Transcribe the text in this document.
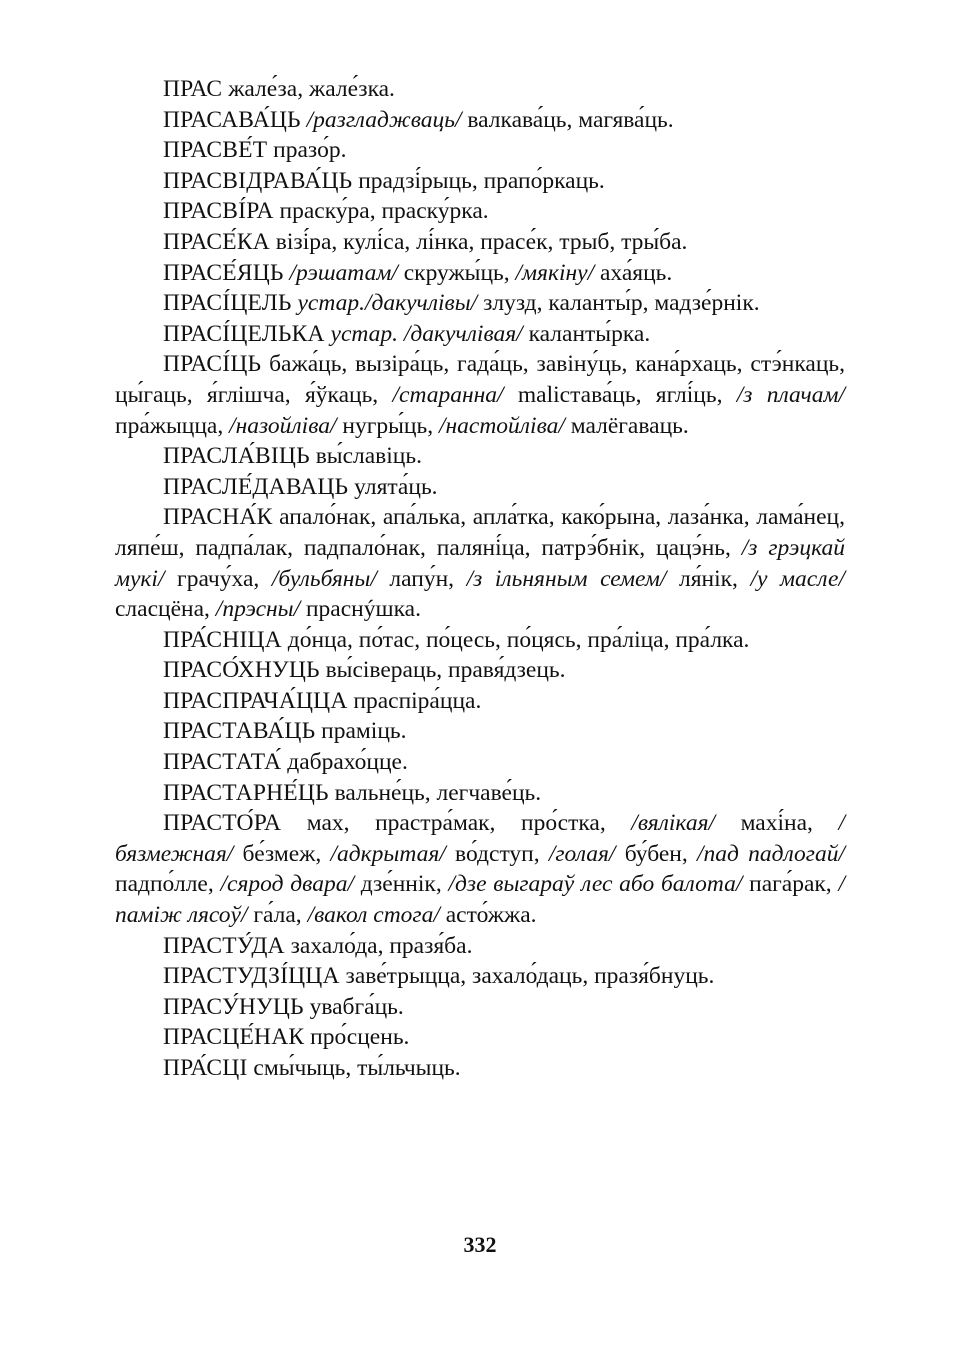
ПРАС жале́за, жале́зка.

ПРАСАВА́ЦЬ /разгладжваць/ валкава́ць, магява́ць.

ПРАСВЕ́Т празо́р.

ПРАСВІДРАВА́ЦЬ прадзі́рыць, прапо́ркаць.

ПРАСВІ́РА праску́ра, праску́рка.

ПРАСЕ́КА візі́ра, кулі́са, лі́нка, прасе́к, трыб, тры́ба.

ПРАСЕ́ЯЦЬ /рэшатам/ скружы́ць, /мякіну/ аха́яць.

ПРАСІ́ЦЕЛЬ устар./дакучлівы/ злузд, каланты́р, мадзе́рнік.

ПРАСІ́ЦЕЛЬКА устар. /дакучлівая/ каланты́рка.

ПРАСІ́ЦЬ бажа́ць, вызіра́ць, гада́ць, завіну́ць, кана́рхаць, стэ́нкаць, цы́гаць, я́глішча, я́ўкаць, /старанна/ malістава́ць, яглі́ць, /з плачам/ пра́жыцца, /назойліва/ нугры́ць, /настойліва/ малёгаваць.

ПРАСЛА́ВІЦЬ вы́славіць.

ПРАСЛЕ́ДАВАЦЬ улята́ць.

ПРАСНА́К апало́нак, апа́лька, апла́тка, како́рына, лаза́нка, лама́нец, ляпе́ш, падпа́лак, падпало́нак, паляні́ца, патрэ́бнік, цацэ́нь, /з грэцкай мукі/ грачу́ха, /бульбяны/ лапу́н, /з ільняным семем/ ля́нік, /у масле/ сласцёна, /прэсны/ праснýшка.

ПРА́СНІЦА до́нца, по́тас, по́цесь, по́цясь, пра́ліца, пра́лка.

ПРАСО́ХНУЦЬ вы́сівераць, правя́дзець.

ПРАСПРАЧА́ЦЦА праспіра́цца.

ПРАСТАВА́ЦЬ праміць.

ПРАСТАТА́ дабрахо́цце.

ПРАСТАРНЕ́ЦЬ вальне́ць, легчаве́ць.

ПРАСТО́РА мах, прастра́мак, про́стка, /вялікая/ махі́на, /бязмежная/ бе́змеж, /адкрытая/ во́дступ, /голая/ бу́бен, /пад падлогай/ падпо́лле, /сярод двара/ дзе́ннік, /дзе выгараў лес або балота/ пага́рак, /паміж лясоў/ га́ла, /вакол стога/ асто́жжа.

ПРАСТУ́ДА захало́да, празя́ба.

ПРАСТУДЗІ́ЦЦА заве́трыцца, захало́даць, празя́бнуць.

ПРАСУ́НУЦЬ увабга́ць.

ПРАСЦЕ́НАК про́сцень.

ПРА́СЦІ смы́чыць, ты́льчыць.

332
